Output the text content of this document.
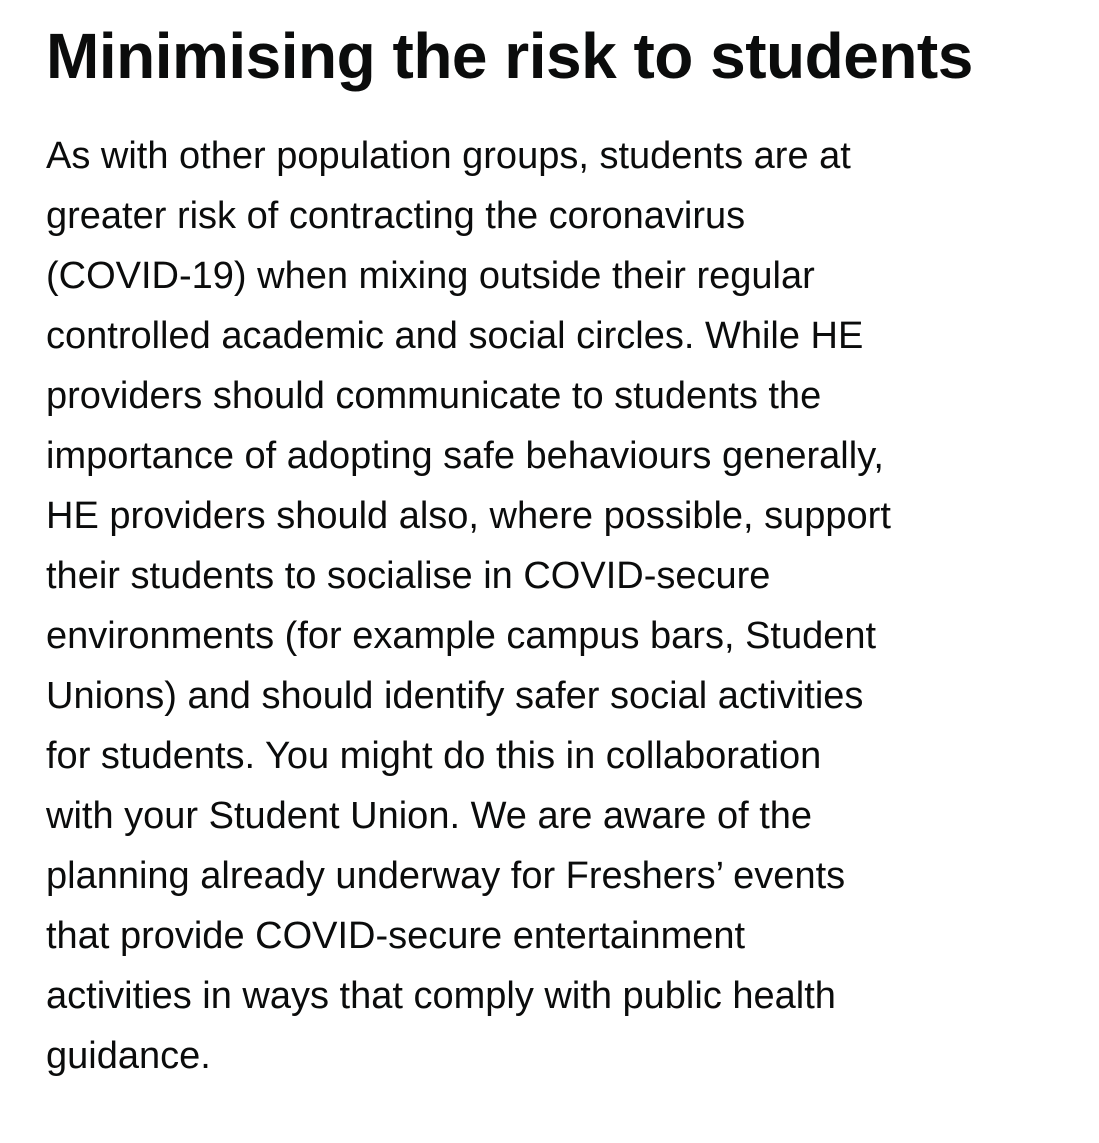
Minimising the risk to students

As with other population groups, students are at
greater risk of contracting the coronavirus
(COVID-19) when mixing outside their regular
controlled academic and social circles. While HE
providers should communicate to students the
importance of adopting safe behaviours generally,
HE providers should also, where possible, support
their students to socialise in COVID-secure
environments (for example campus bars, Student
Unions) and should identify safer social activities
for students. You might do this in collaboration
with your Student Union. We are aware of the
planning already underway for Freshers’ events
that provide COVID-secure entertainment
activities in ways that comply with public health
guidance.
